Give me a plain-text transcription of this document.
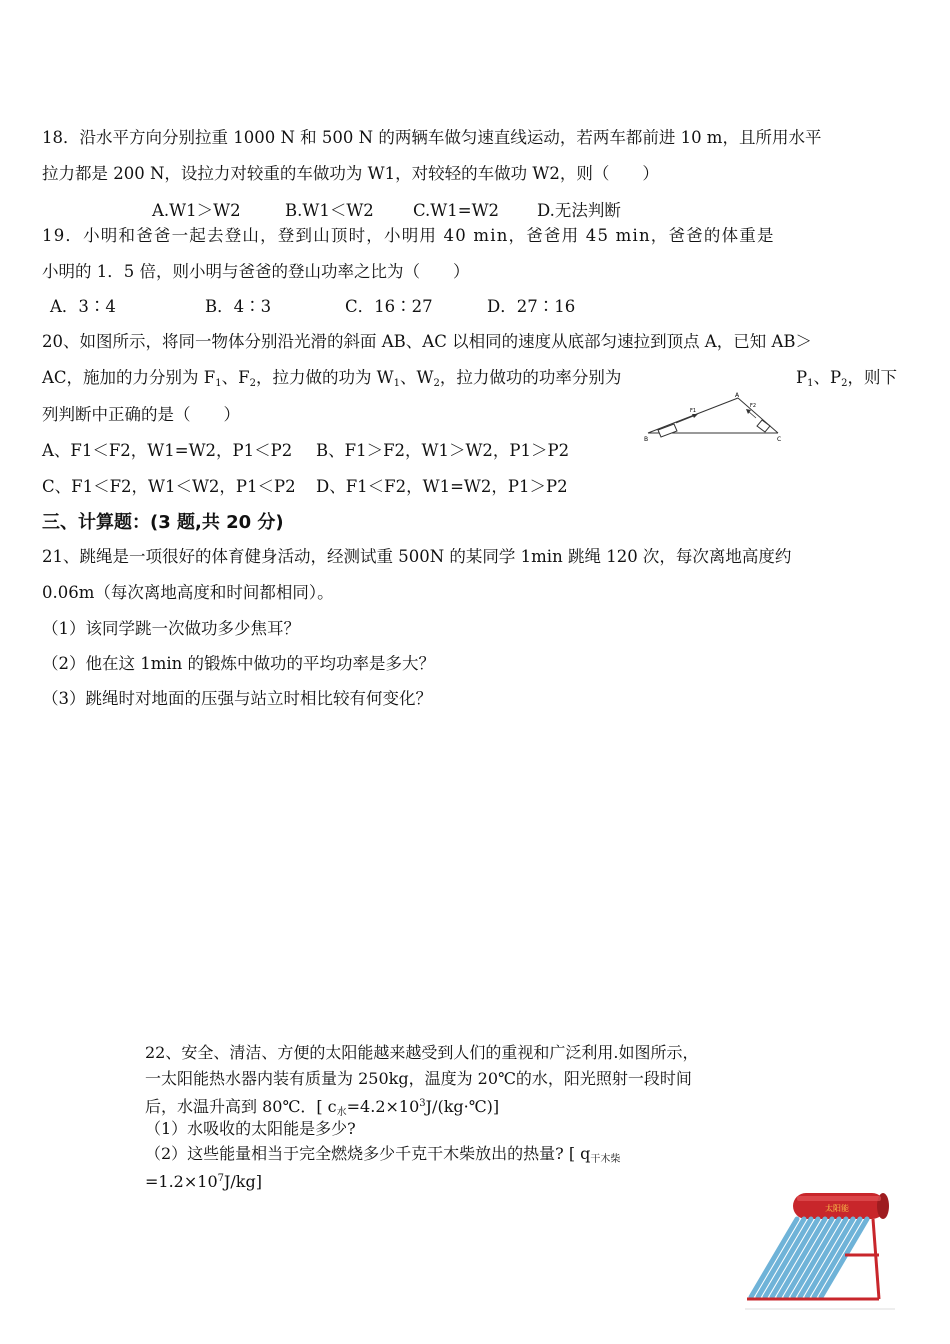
18．沿水平方向分别拉重 1000 N 和 500 N 的两辆车做匀速直线运动，若两车都前进 10 m，且所用水平
拉力都是 200 N，设拉力对较重的车做功为 W1，对较轻的车做功 W2，则（　　）
A.W1＞W2	B.W1＜W2 C.W1=W2 D.无法判断
19．小明和爸爸一起去登山，登到山顶时，小明用 40 min，爸爸用 45 min，爸爸的体重是
小明的 1．5 倍，则小明与爸爸的登山功率之比为（　　）
A．3∶4	B．4∶3	C．16∶27	D．27∶16
20、如图所示，将同一物体分别沿光滑的斜面 AB、AC 以相同的速度从底部匀速拉到顶点 A，已知 AB＞
AC，施加的力分别为 $F_1$、$F_2$，拉力做的功为 $W_1$、$W_2$，拉力做功的功率分别为	$P_1$、$P_2$，则下
列判断中正确的是（　　）
B
A
C
F1
F2
A、F1＜F2，W1=W2，P1＜P2 B、F1＞F2，W1＞W2，P1＞P2
C、F1＜F2，W1＜W2，P1＜P2 D、F1＜F2，W1=W2，P1＞P2
三、计算题：(3 题,共 20 分)
21、跳绳是一项很好的体育健身活动，经测试重 500N 的某同学 1min 跳绳 120 次，每次离地高度约
0.06m（每次离地高度和时间都相同）。
（1）该同学跳一次做功多少焦耳？
（2）他在这 1min 的锻炼中做功的平均功率是多大？
（3）跳绳时对地面的压强与站立时相比较有何变化？
22、安全、清洁、方便的太阳能越来越受到人们的重视和广泛利用.如图所示，
一太阳能热水器内装有质量为 250kg，温度为 20℃的水，阳光照射一段时间
后，水温升高到 80℃．[ $c_水=4.2\times 10^3J/(kg\cdot℃)$]
（1）水吸收的太阳能是多少?
（2）这些能量相当于完全燃烧多少千克干木柴放出的热量? [ $q_{干木柴}$
$=1.2\times 10^7J/kg$]
太阳能
